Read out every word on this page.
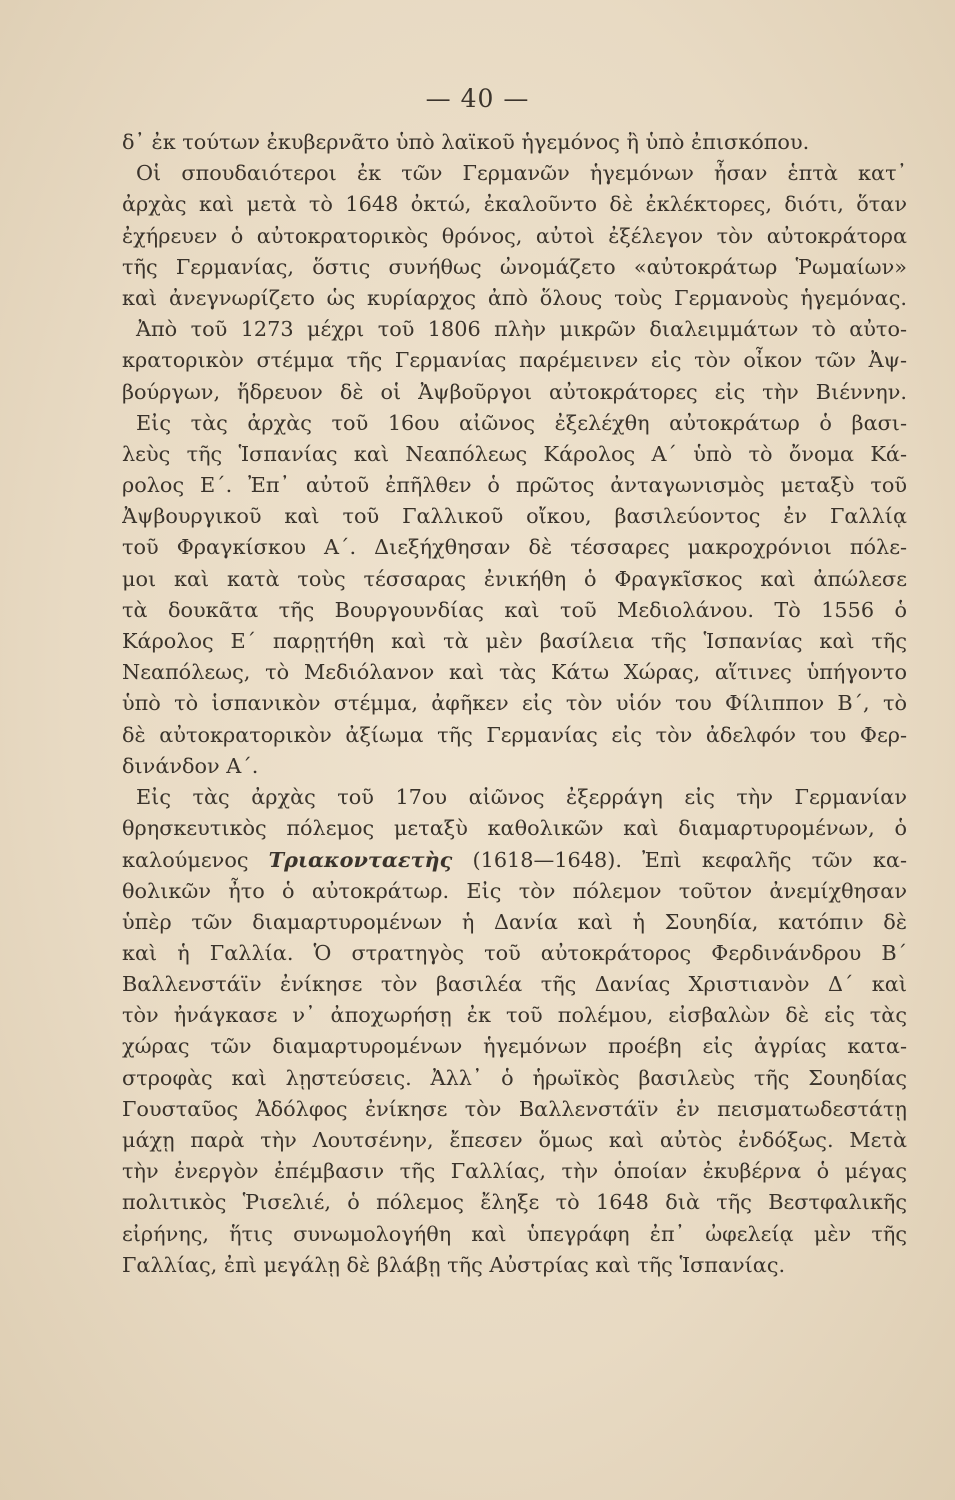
— 40 —
δ᾽ ἐκ τούτων ἐκυβερνᾶτο ὑπὸ λαϊκοῦ ἡγεμόνος ἢ ὑπὸ ἐπισκόπου.
Οἱ σπουδαιότεροι ἐκ τῶν Γερμανῶν ἡγεμόνων ἦσαν ἑπτὰ κατ᾽
ἀρχὰς καὶ μετὰ τὸ 1648 ὀκτώ, ἐκαλοῦντο δὲ ἐκλέκτορες, διότι, ὅταν
ἐχήρευεν ὁ αὐτοκρατορικὸς θρόνος, αὐτοὶ ἐξέλεγον τὸν αὐτοκράτορα
τῆς Γερμανίας, ὅστις συνήθως ὠνομάζετο «αὐτοκράτωρ Ῥωμαίων»
καὶ ἀνεγνωρίζετο ὡς κυρίαρχος ἀπὸ ὅλους τοὺς Γερμανοὺς ἡγεμόνας.
Ἀπὸ τοῦ 1273 μέχρι τοῦ 1806 πλὴν μικρῶν διαλειμμάτων τὸ αὐτο-
κρατορικὸν στέμμα τῆς Γερμανίας παρέμεινεν εἰς τὸν οἶκον τῶν Ἀψ-
βούργων, ἥδρευον δὲ οἱ Ἀψβοῦργοι αὐτοκράτορες εἰς τὴν Βιέννην.
Εἰς τὰς ἀρχὰς τοῦ 16ου αἰῶνος ἐξελέχθη αὐτοκράτωρ ὁ βασι-
λεὺς τῆς Ἱσπανίας καὶ Νεαπόλεως Κάρολος Α΄ ὑπὸ τὸ ὄνομα Κά-
ρολος Ε΄. Ἐπ᾽ αὐτοῦ ἐπῆλθεν ὁ πρῶτος ἀνταγωνισμὸς μεταξὺ τοῦ
Ἀψβουργικοῦ καὶ τοῦ Γαλλικοῦ οἴκου, βασιλεύοντος ἐν Γαλλίᾳ
τοῦ Φραγκίσκου Α΄. Διεξήχθησαν δὲ τέσσαρες μακροχρόνιοι πόλε-
μοι καὶ κατὰ τοὺς τέσσαρας ἐνικήθη ὁ Φραγκῖσκος καὶ ἀπώλεσε
τὰ δουκᾶτα τῆς Βουργουνδίας καὶ τοῦ Μεδιολάνου. Τὸ 1556 ὁ
Κάρολος Ε΄ παρῃτήθη καὶ τὰ μὲν βασίλεια τῆς Ἱσπανίας καὶ τῆς
Νεαπόλεως, τὸ Μεδιόλανον καὶ τὰς Κάτω Χώρας, αἵτινες ὑπήγοντο
ὑπὸ τὸ ἱσπανικὸν στέμμα, ἀφῆκεν εἰς τὸν υἱόν του Φίλιππον Β΄, τὸ
δὲ αὐτοκρατορικὸν ἀξίωμα τῆς Γερμανίας εἰς τὸν ἀδελφόν του Φερ-
δινάνδον Α΄.
Εἰς τὰς ἀρχὰς τοῦ 17ου αἰῶνος ἐξερράγη εἰς τὴν Γερμανίαν
θρησκευτικὸς πόλεμος μεταξὺ καθολικῶν καὶ διαμαρτυρομένων, ὁ
καλούμενος Τριακονταετὴς (1618—1648). Ἐπὶ κεφαλῆς τῶν κα-
θολικῶν ἦτο ὁ αὐτοκράτωρ. Εἰς τὸν πόλεμον τοῦτον ἀνεμίχθησαν
ὑπὲρ τῶν διαμαρτυρομένων ἡ Δανία καὶ ἡ Σουηδία, κατόπιν δὲ
καὶ ἡ Γαλλία. Ὁ στρατηγὸς τοῦ αὐτοκράτορος Φερδινάνδρου Β΄
Βαλλενστάϊν ἐνίκησε τὸν βασιλέα τῆς Δανίας Χριστιανὸν Δ΄ καὶ
τὸν ἠνάγκασε ν᾽ ἀποχωρήσῃ ἐκ τοῦ πολέμου, εἰσβαλὼν δὲ εἰς τὰς
χώρας τῶν διαμαρτυρομένων ἡγεμόνων προέβη εἰς ἀγρίας κατα-
στροφὰς καὶ λῃστεύσεις. Ἀλλ᾽ ὁ ἡρωϊκὸς βασιλεὺς τῆς Σουηδίας
Γουσταῦος Ἀδόλφος ἐνίκησε τὸν Βαλλενστάϊν ἐν πεισματωδεστάτῃ
μάχῃ παρὰ τὴν Λουτσένην, ἔπεσεν ὅμως καὶ αὐτὸς ἐνδόξως. Μετὰ
τὴν ἐνεργὸν ἐπέμβασιν τῆς Γαλλίας, τὴν ὁποίαν ἐκυβέρνα ὁ μέγας
πολιτικὸς Ῥισελιέ, ὁ πόλεμος ἔληξε τὸ 1648 διὰ τῆς Βεστφαλικῆς
εἰρήνης, ἥτις συνωμολογήθη καὶ ὑπεγράφη ἐπ᾽ ὠφελείᾳ μὲν τῆς
Γαλλίας, ἐπὶ μεγάλῃ δὲ βλάβῃ τῆς Αὐστρίας καὶ τῆς Ἱσπανίας.
